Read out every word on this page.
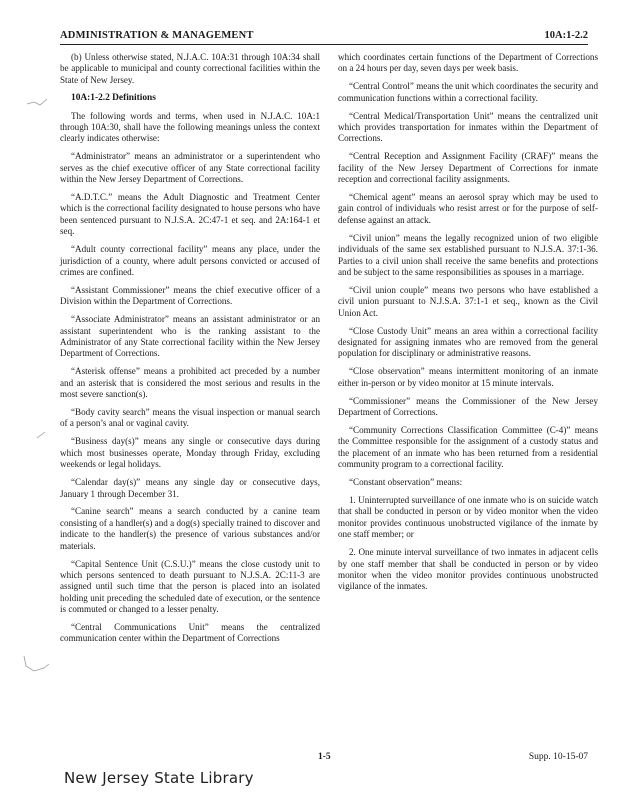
ADMINISTRATION & MANAGEMENT	10A:1-2.2

(b) Unless otherwise stated, N.J.A.C. 10A:31 through 10A:34 shall be applicable to municipal and county correctional facilities within the State of New Jersey.

10A:1-2.2 Definitions

The following words and terms, when used in N.J.A.C. 10A:1 through 10A:30, shall have the following meanings unless the context clearly indicates otherwise:

“Administrator” means an administrator or a superintendent who serves as the chief executive officer of any State correctional facility within the New Jersey Department of Corrections.

“A.D.T.C.” means the Adult Diagnostic and Treatment Center which is the correctional facility designated to house persons who have been sentenced pursuant to N.J.S.A. 2C:47-1 et seq. and 2A:164-1 et seq.

“Adult county correctional facility” means any place, under the jurisdiction of a county, where adult persons convicted or accused of crimes are confined.

“Assistant Commissioner” means the chief executive officer of a Division within the Department of Corrections.

“Associate Administrator” means an assistant administrator or an assistant superintendent who is the ranking assistant to the Administrator of any State correctional facility within the New Jersey Department of Corrections.

“Asterisk offense” means a prohibited act preceded by a number and an asterisk that is considered the most serious and results in the most severe sanction(s).

“Body cavity search” means the visual inspection or manual search of a person’s anal or vaginal cavity.

“Business day(s)” means any single or consecutive days during which most businesses operate, Monday through Friday, excluding weekends or legal holidays.

“Calendar day(s)” means any single day or consecutive days, January 1 through December 31.

“Canine search” means a search conducted by a canine team consisting of a handler(s) and a dog(s) specially trained to discover and indicate to the handler(s) the presence of various substances and/or materials.

“Capital Sentence Unit (C.S.U.)” means the close custody unit to which persons sentenced to death pursuant to N.J.S.A. 2C:11-3 are assigned until such time that the person is placed into an isolated holding unit preceding the scheduled date of execution, or the sentence is commuted or changed to a lesser penalty.

“Central Communications Unit” means the centralized communication center within the Department of Corrections

which coordinates certain functions of the Department of Corrections on a 24 hours per day, seven days per week basis.

“Central Control” means the unit which coordinates the security and communication functions within a correctional facility.

“Central Medical/Transportation Unit” means the centralized unit which provides transportation for inmates within the Department of Corrections.

“Central Reception and Assignment Facility (CRAF)” means the facility of the New Jersey Department of Corrections for inmate reception and correctional facility assignments.

“Chemical agent” means an aerosol spray which may be used to gain control of individuals who resist arrest or for the purpose of self-defense against an attack.

“Civil union” means the legally recognized union of two eligible individuals of the same sex established pursuant to N.J.S.A. 37:1-36. Parties to a civil union shall receive the same benefits and protections and be subject to the same responsibilities as spouses in a marriage.

“Civil union couple” means two persons who have established a civil union pursuant to N.J.S.A. 37:1-1 et seq., known as the Civil Union Act.

“Close Custody Unit” means an area within a correctional facility designated for assigning inmates who are removed from the general population for disciplinary or administrative reasons.

“Close observation” means intermittent monitoring of an inmate either in-person or by video monitor at 15 minute intervals.

“Commissioner” means the Commissioner of the New Jersey Department of Corrections.

“Community Corrections Classification Committee (C-4)” means the Committee responsible for the assignment of a custody status and the placement of an inmate who has been returned from a residential community program to a correctional facility.

“Constant observation” means:

1. Uninterrupted surveillance of one inmate who is on suicide watch that shall be conducted in person or by video monitor when the video monitor provides continuous unobstructed vigilance of the inmate by one staff member; or

2. One minute interval surveillance of two inmates in adjacent cells by one staff member that shall be conducted in person or by video monitor when the video monitor provides continuous unobstructed vigilance of the inmates.

1-5	Supp. 10-15-07
New Jersey State Library
